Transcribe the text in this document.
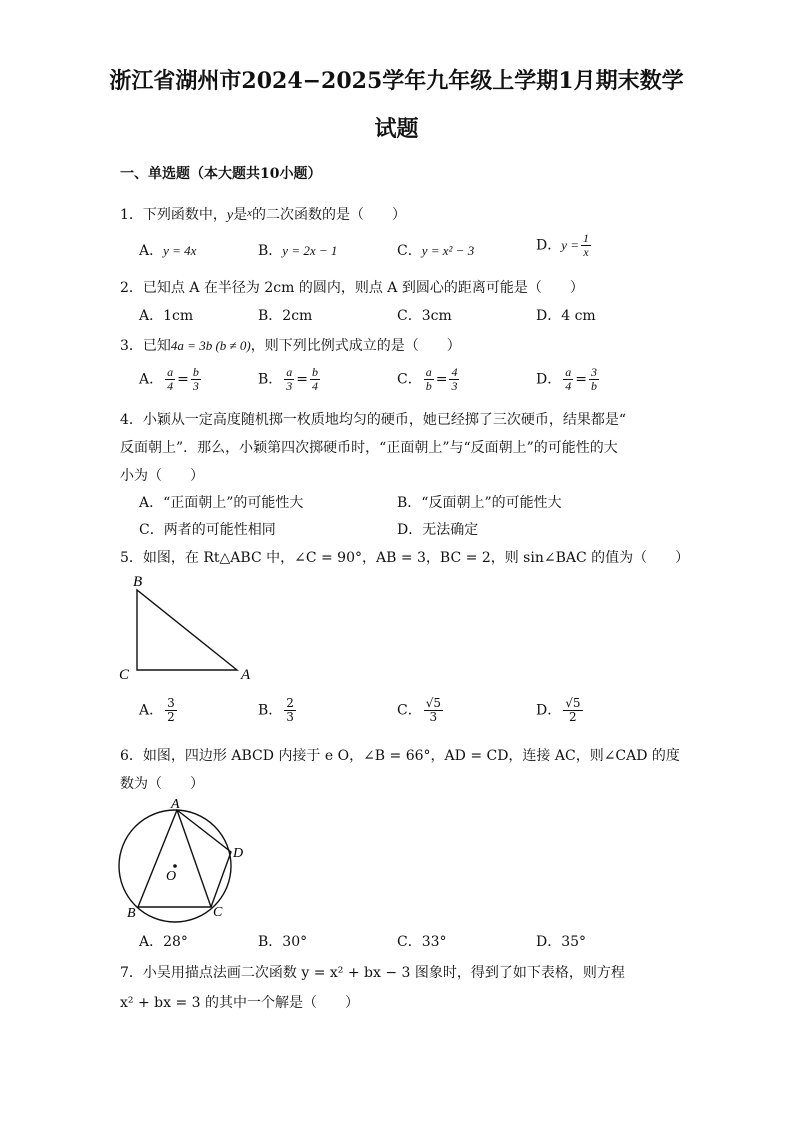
浙江省湖州市2024−2025学年九年级上学期1月期末数学
试题
一、单选题（本大题共10小题）
1．下列函数中，y是$^x$的二次函数的是（　　）
A．y = 4x	B．y = 2x − 1	C．y = x² − 3	D．$y = \frac{1}{x}$
2．已知点 A 在半径为 2cm 的圆内，则点 A 到圆心的距离可能是（　　）
A．1cm	B．2cm	C．3cm	D．4 cm
3．已知4a = 3b (b ≠ 0)，则下列比例式成立的是（　　）
A． $\frac{a}{4} = \frac{b}{3}$	B． $\frac{a}{3} = \frac{b}{4}$	C． $\frac{a}{b} = \frac{4}{3}$	D． $\frac{a}{4} = \frac{3}{b}$
4．小颖从一定高度随机掷一枚质地均匀的硬币，她已经掷了三次硬币，结果都是“
反面朝上”．那么，小颖第四次掷硬币时，“正面朝上”与“反面朝上”的可能性的大
小为（　　）
A．“正面朝上”的可能性大	B．“反面朝上”的可能性大
C．两者的可能性相同	D．无法确定
5．如图，在 Rt△ABC 中，∠C = 90°，AB = 3，BC = 2，则 sin∠BAC 的值为（　　）
B
C	A
A． $\frac{3}{2}$	B． $\frac{2}{3}$	C． $\frac{√5}{3}$	D． $\frac{√5}{2}$
6．如图，四边形 ABCD 内接于 e O，∠B = 66°，AD = CD，连接 AC，则∠CAD 的度
数为（　　）
A
D
O
B	C
A．28°	B．30°	C．33°	D．35°
7．小吴用描点法画二次函数 y = x² + bx − 3 图象时，得到了如下表格，则方程
x² + bx = 3 的其中一个解是（　　）
